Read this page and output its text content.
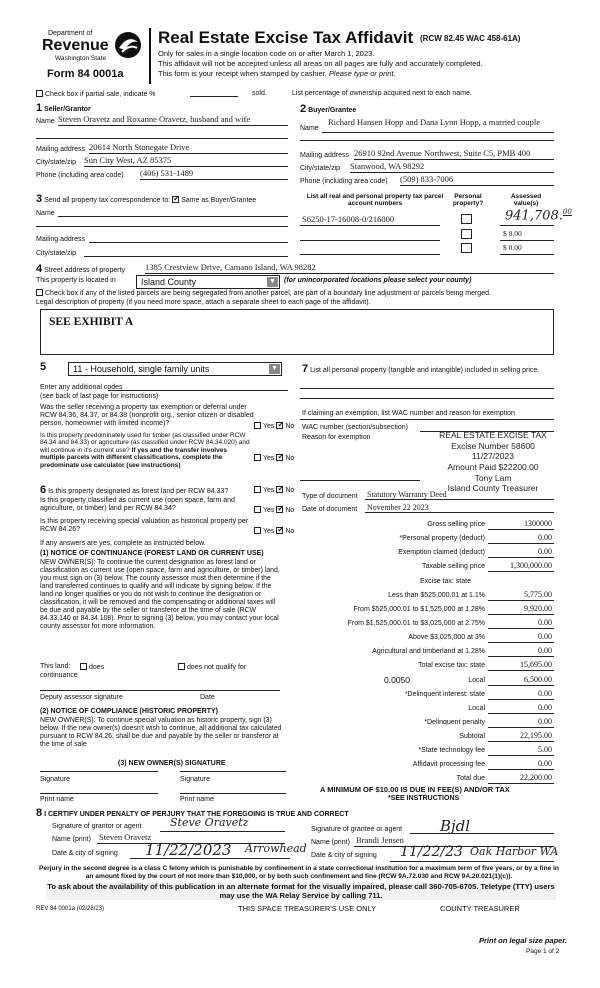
Department of
Revenue
Washington State
Form 84 0001a
Real Estate Excise Tax Affidavit (RCW 82.45 WAC 458-61A)
Only for sales in a single location code on or after March 1, 2023.
This affidavit will not be accepted unless all areas on all pages are fully and accurately completed.
This form is your receipt when stamped by cashier. Please type or print.
Check box if partial sale, indicate %	sold.	List percentage of ownership acquired next to each name.
1 Seller/Grantor
Name Steven Oravetz and Roxanne Oravetz, husband and wife
Mailing address 20614 North Stonegate Drive
City/state/zip Sun City West, AZ 85375
Phone (including area code) (406) 531-1489
2 Buyer/Grantee
Richard Hansen Hopp and Dana Lynn Hopp, a married couple
Name
Mailing address 26910 92nd Avenue Northwest, Suite C5, PMB 400
City/state/zip Stanwood, WA 98292
Phone (including area code) (509) 833-7006
3 Send all property tax correspondence to: ✓ Same as Buyer/Grantee
Name
Mailing address
City/state/zip
List all real and personal property tax parcel account numbers
Personal property?
Assessed value(s)
S6250-17-16008-0/216000	941,708.00
$ 0.00
$ 0.00
4 Street address of property 1385 Crestview Drive, Camano Island, WA 98282
This property is located in	Island County	▼ (for unincorporated locations please select your county)
Check box if any of the listed parcels are being segregated from another parcel, are part of a boundary line adjustment or parcels being merged.
Legal description of property (if you need more space, attach a separate sheet to each page of the affidavit).
SEE EXHIBIT A
5	11 - Household, single family units	▼
Enter any additional codes
(see back of last page for instructions)
Was the seller receiving a property tax exemption or deferral under RCW 84.36, 84.37, or 84.38 (nonprofit org., senior citizen or disabled person, homeowner with limited income)?	Yes ✓ No
Is this property predominately used for timber (as classified under RCW 84.34 and 84.33) or agriculture (as classified under RCW 84.34.020) and will continue in it's current use? If yes and the transfer involves multiple parcels with different classifications, complete the predominate use calculator (see instructions)
Yes ✓ No
6 Is this property designated as forest land per RCW 84.33?	Yes ✓ No
Is this property classified as current use (open space, farm and agriculture, or timber) land per RCW 84.34?	Yes ✓ No
Is this property receiving special valuation as historical property per RCW 84.26?	Yes ✓ No
If any answers are yes, complete as instructed below.
(1) NOTICE OF CONTINUANCE (FOREST LAND OR CURRENT USE)
NEW OWNER(S): To continue the current designation as forest land or classification as current use (open space, farm and agriculture, or timber) land, you must sign on (3) below. The county assessor must then determine if the land transferred continues to qualify and will indicate by signing below. If the land no longer qualifies or you do not wish to continue the designation or classification, it will be removed and the compensating or additional taxes will be due and payable by the seller or transferor at the time of sale (RCW 84.33.140 or 84.34.108). Prior to signing (3) below, you may contact your local county assessor for more information.
This land:	does	does not qualify for
continuance
Deputy assessor signature	Date
(2) NOTICE OF COMPLIANCE (HISTORIC PROPERTY)
NEW OWNER(S): To continue special valuation as historic property, sign (3) below. If the new owner(s) doesn't wish to continue, all additional tax calculated pursuant to RCW 84.26, shall be due and payable by the seller or transferor at the time of sale
(3) NEW OWNER(S) SIGNATURE
Signature	Signature
Print name	Print name
7 List all personal property (tangible and intangible) included in selling price.
If claiming an exemption, list WAC number and reason for exemption
WAC number (section/subsection)
Reason for exemption	REAL ESTATE EXCISE TAX
Excise Number 58600
11/27/2023
Amount Paid $22200.00
Tony Lam
Island County Treasurer
Type of document Statutory Warranty Deed
Date of document November 22 2023
Gross selling price	1300000
*Personal property (deduct)	0.00
Exemption claimed (deduct)	0.00
Taxable selling price	1,300,000.00
Excise tax: state
Less than $525,000.01 at 1.1%	5,775.00
From $525,000.01 to $1,525,000 at 1.28%	9,920.00
From $1,525,000.01 to $3,025,000 at 2.75%	0.00
Above $3,025,000 at 3%	0.00
Agricultural and timberland at 1.28%	0.00
Total excise tax: state	15,695.00
0.0050	Local	6,500.00
*Delinquent interest: state	0.00
Local	0.00
*Delinquent penalty	0.00
Subtotal	22,195.00
*State technology fee	5.00
Affidavit processing fee	0.00
Total due	22,200.00
A MINIMUM OF $10.00 IS DUE IN FEE(S) AND/OR TAX
*SEE INSTRUCTIONS
8 I CERTIFY UNDER PENALTY OF PERJURY THAT THE FOREGOING IS TRUE AND CORRECT
Signature of grantor or agent	Steve Oravetz
Name (print) Steven Oravetz
Date & city of signing 11/22/2023 Arrowhead
Signature of grantee or agent	Bjdl
Name (print) Brandi Jensen
Date & city of signing 11/22/23 Oak Harbor WA
Perjury in the second degree is a class C felony which is punishable by confinement in a state correctional institution for a maximum term of five years, or by a fine in an amount fixed by the court of not more than $10,000, or by both such confinement and fine (RCW 9A.72.030 and RCW 9A.20.021(1)(c)).
To ask about the availability of this publication in an alternate format for the visually impaired, please call 360-705-6705. Teletype (TTY) users may use the WA Relay Service by calling 711.
REV 84 0001a (02/28/23)	THIS SPACE TREASURER'S USE ONLY	COUNTY TREASURER
Print on legal size paper.
Page 1 of 2
